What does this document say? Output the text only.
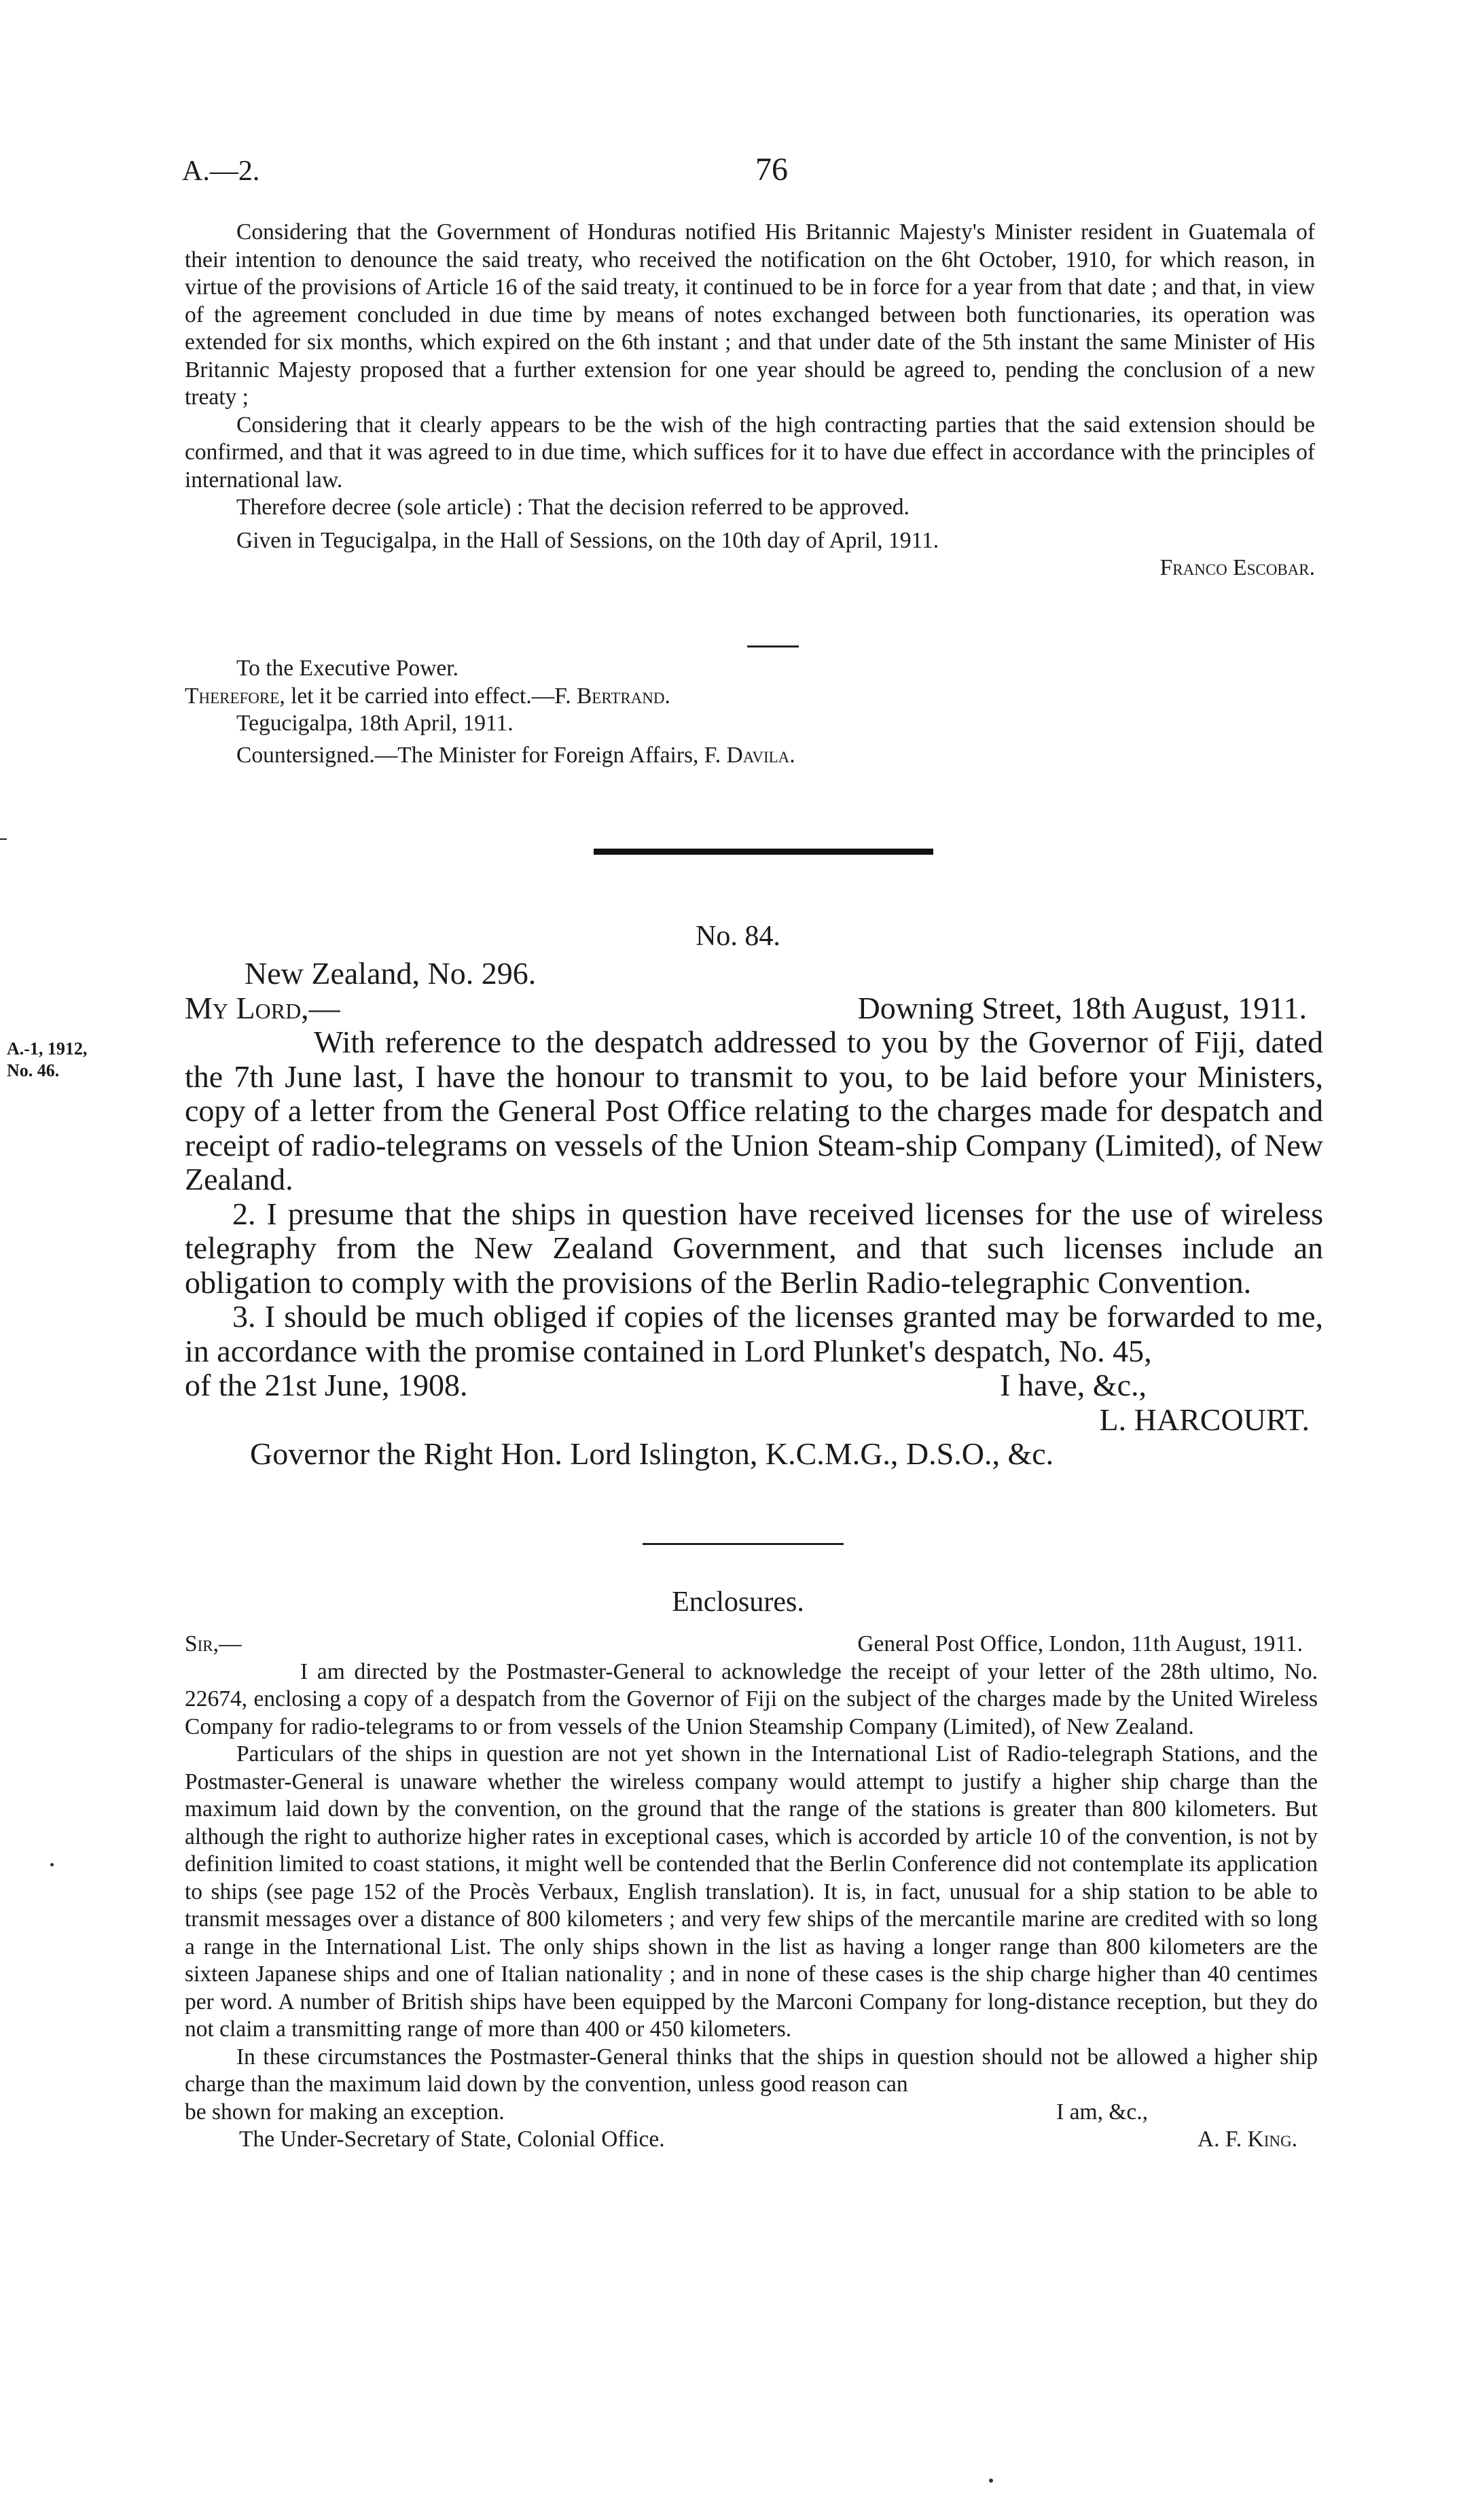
A.—2.	76

Considering that the Government of Honduras notified His Britannic Majesty's Minister resident in Guatemala of their intention to denounce the said treaty, who received the notification on the 6ht October, 1910, for which reason, in virtue of the provisions of Article 16 of the said treaty, it continued to be in force for a year from that date ; and that, in view of the agreement concluded in due time by means of notes exchanged between both functionaries, its operation was extended for six months, which expired on the 6th instant ; and that under date of the 5th instant the same Minister of His Britannic Majesty proposed that a further extension for one year should be agreed to, pending the conclusion of a new treaty ;

Considering that it clearly appears to be the wish of the high contracting parties that the said extension should be confirmed, and that it was agreed to in due time, which suffices for it to have due effect in accordance with the principles of international law.

Therefore decree (sole article) : That the decision referred to be approved.

Given in Tegucigalpa, in the Hall of Sessions, on the 10th day of April, 1911.

Franco Escobar.

To the Executive Power.

Therefore, let it be carried into effect.—F. Bertrand.

Tegucigalpa, 18th April, 1911.

Countersigned.—The Minister for Foreign Affairs, F. Davila.

No. 84.

New Zealand, No. 296.

My Lord,—	Downing Street, 18th August, 1911.

With reference to the despatch addressed to you by the Governor of Fiji, dated the 7th June last, I have the honour to transmit to you, to be laid before your Ministers, copy of a letter from the General Post Office relating to the charges made for despatch and receipt of radio-telegrams on vessels of the Union Steam-ship Company (Limited), of New Zealand.

2. I presume that the ships in question have received licenses for the use of wireless telegraphy from the New Zealand Government, and that such licenses include an obligation to comply with the provisions of the Berlin Radio-telegraphic Convention.

3. I should be much obliged if copies of the licenses granted may be forwarded to me, in accordance with the promise contained in Lord Plunket's despatch, No. 45,

of the 21st June, 1908.	I have, &c.,

L. HARCOURT.

Governor the Right Hon. Lord Islington, K.C.M.G., D.S.O., &c.

A.-1, 1912,
No. 46.
Enclosures.
Sir,—	General Post Office, London, 11th August, 1911.

I am directed by the Postmaster-General to acknowledge the receipt of your letter of the 28th ultimo, No. 22674, enclosing a copy of a despatch from the Governor of Fiji on the subject of the charges made by the United Wireless Company for radio-telegrams to or from vessels of the Union Steamship Company (Limited), of New Zealand.

Particulars of the ships in question are not yet shown in the International List of Radio-telegraph Stations, and the Postmaster-General is unaware whether the wireless company would attempt to justify a higher ship charge than the maximum laid down by the convention, on the ground that the range of the stations is greater than 800 kilometers. But although the right to authorize higher rates in exceptional cases, which is accorded by article 10 of the convention, is not by definition limited to coast stations, it might well be contended that the Berlin Conference did not contemplate its application to ships (see page 152 of the Procès Verbaux, English translation). It is, in fact, unusual for a ship station to be able to transmit messages over a distance of 800 kilometers ; and very few ships of the mercantile marine are credited with so long a range in the International List. The only ships shown in the list as having a longer range than 800 kilometers are the sixteen Japanese ships and one of Italian nationality ; and in none of these cases is the ship charge higher than 40 centimes per word. A number of British ships have been equipped by the Marconi Company for long-distance reception, but they do not claim a transmitting range of more than 400 or 450 kilometers.

In these circumstances the Postmaster-General thinks that the ships in question should not be allowed a higher ship charge than the maximum laid down by the convention, unless good reason can

be shown for making an exception.	I am, &c.,
The Under-Secretary of State, Colonial Office.	A. F. King.
